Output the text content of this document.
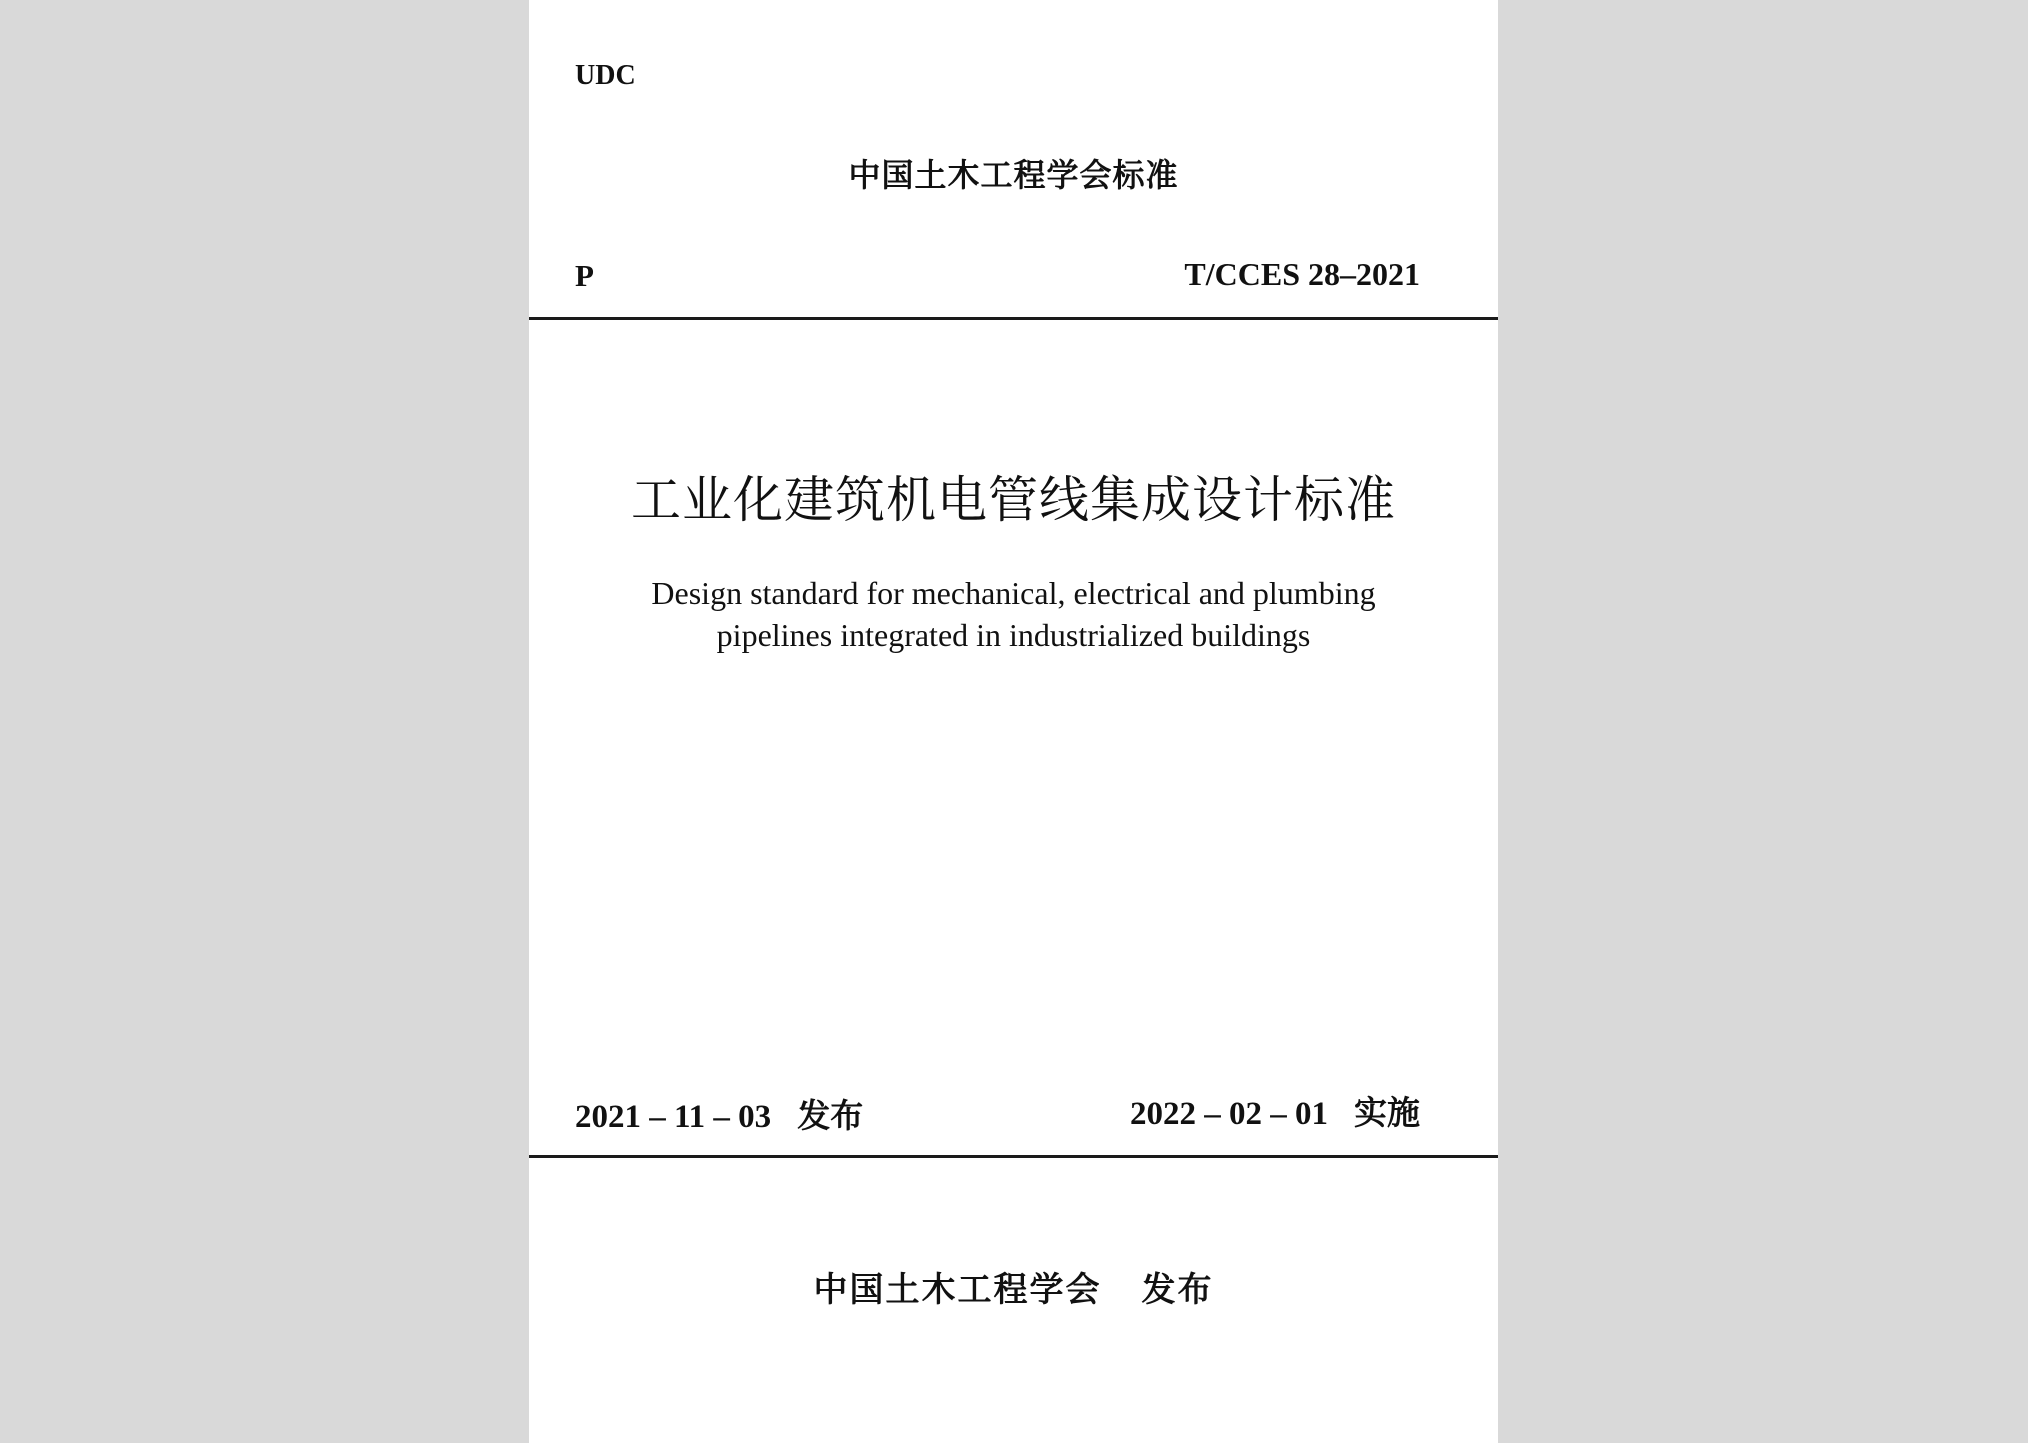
UDC
中国土木工程学会标准
P	T/CCES 28–2021
工业化建筑机电管线集成设计标准
Design standard for mechanical, electrical and plumbing
pipelines integrated in industrialized buildings
2021 – 11 – 03 发布	2022 – 02 – 01 实施
中国土木工程学会 发布
